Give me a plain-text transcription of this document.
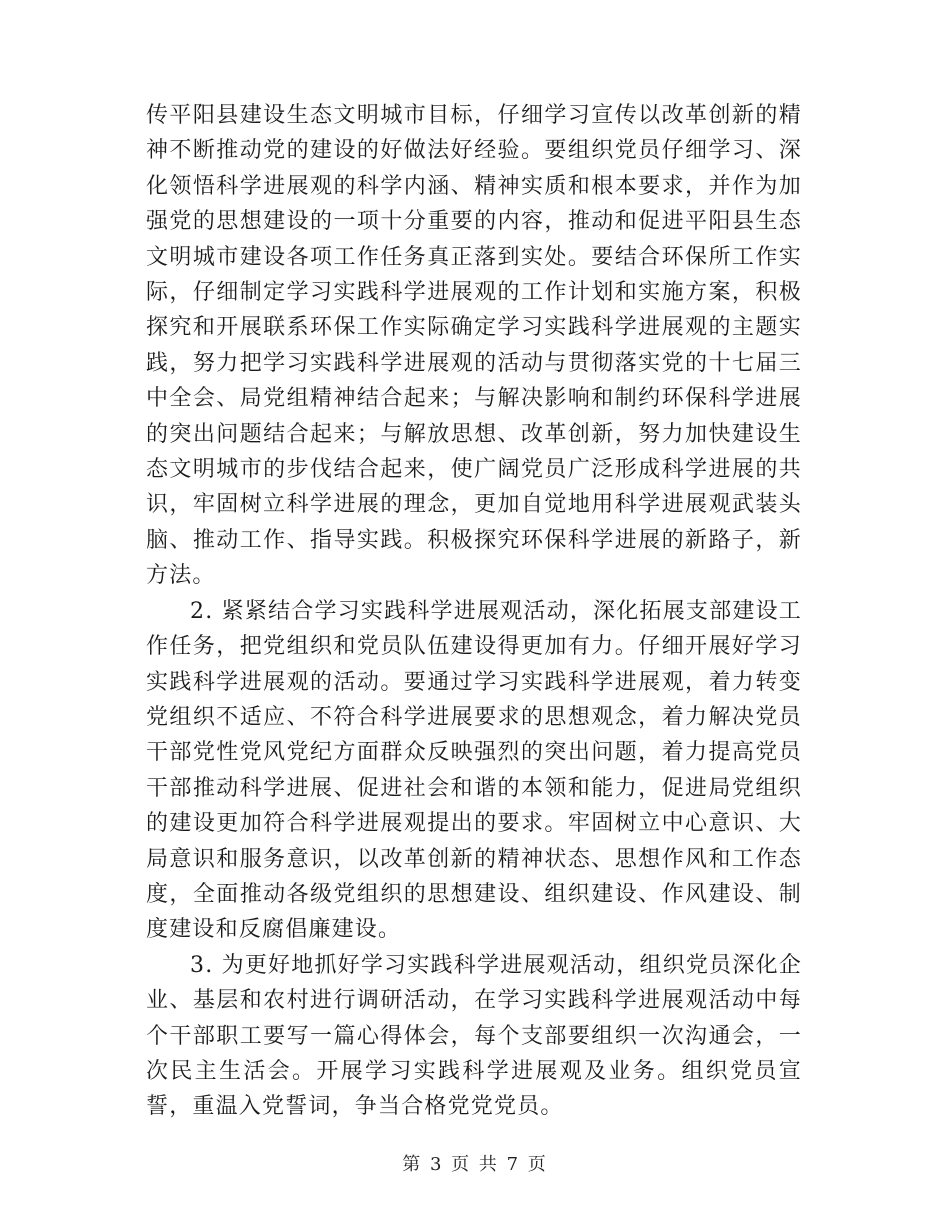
传平阳县建设生态文明城市目标，仔细学习宣传以改革创新的精神不断推动党的建设的好做法好经验。要组织党员仔细学习、深化领悟科学进展观的科学内涵、精神实质和根本要求，并作为加强党的思想建设的一项十分重要的内容，推动和促进平阳县生态文明城市建设各项工作任务真正落到实处。要结合环保所工作实际，仔细制定学习实践科学进展观的工作计划和实施方案，积极探究和开展联系环保工作实际确定学习实践科学进展观的主题实践，努力把学习实践科学进展观的活动与贯彻落实党的十七届三中全会、局党组精神结合起来；与解决影响和制约环保科学进展的突出问题结合起来；与解放思想、改革创新，努力加快建设生态文明城市的步伐结合起来，使广阔党员广泛形成科学进展的共识，牢固树立科学进展的理念，更加自觉地用科学进展观武装头脑、推动工作、指导实践。积极探究环保科学进展的新路子，新方法。

2. 紧紧结合学习实践科学进展观活动，深化拓展支部建设工作任务，把党组织和党员队伍建设得更加有力。仔细开展好学习实践科学进展观的活动。要通过学习实践科学进展观，着力转变党组织不适应、不符合科学进展要求的思想观念，着力解决党员干部党性党风党纪方面群众反映强烈的突出问题，着力提高党员干部推动科学进展、促进社会和谐的本领和能力，促进局党组织的建设更加符合科学进展观提出的要求。牢固树立中心意识、大局意识和服务意识，以改革创新的精神状态、思想作风和工作态度，全面推动各级党组织的思想建设、组织建设、作风建设、制度建设和反腐倡廉建设。

3. 为更好地抓好学习实践科学进展观活动，组织党员深化企业、基层和农村进行调研活动，在学习实践科学进展观活动中每个干部职工要写一篇心得体会，每个支部要组织一次沟通会，一次民主生活会。开展学习实践科学进展观及业务。组织党员宣誓，重温入党誓词，争当合格党党党员。

第 3 页 共 7 页
